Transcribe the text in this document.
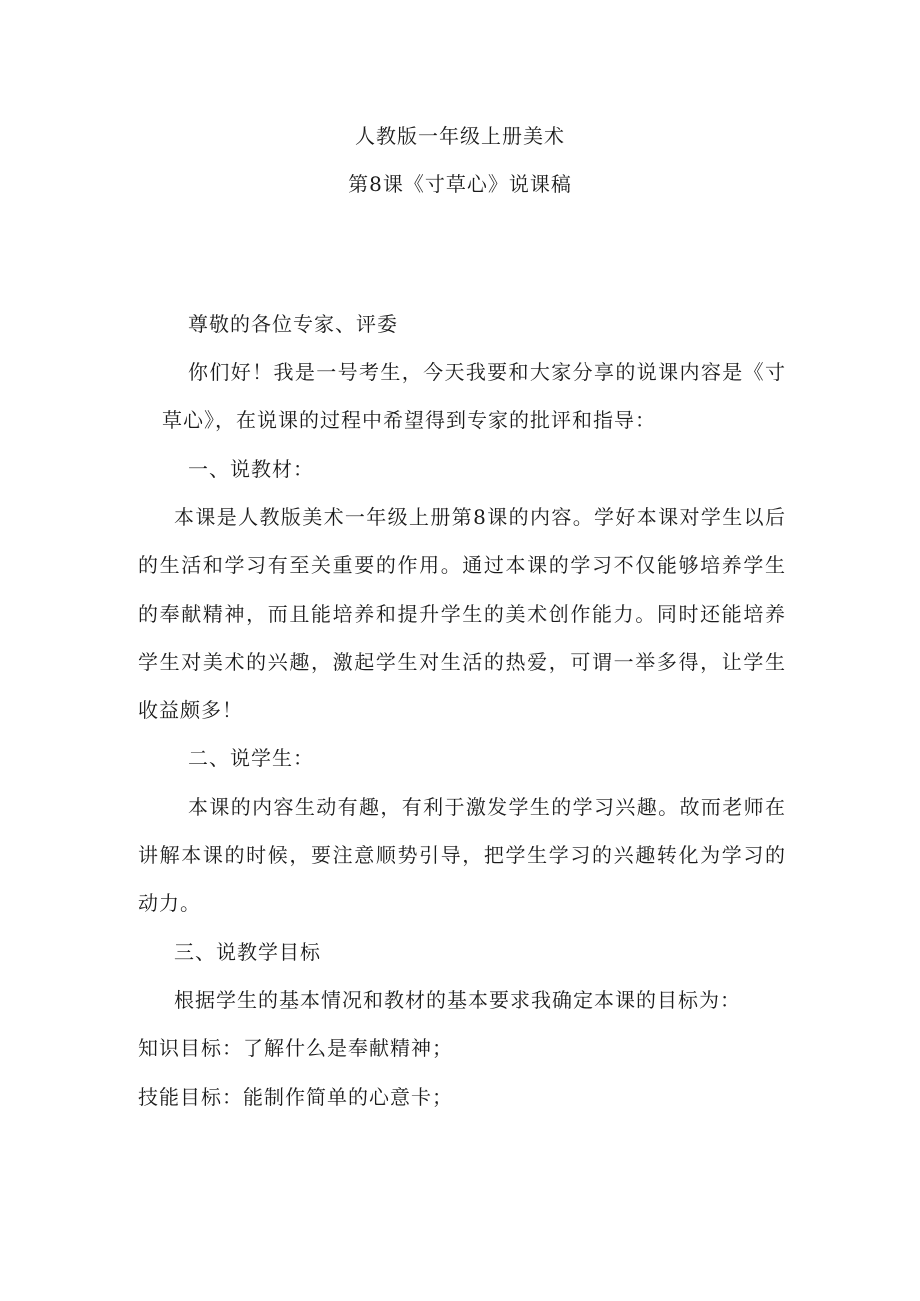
人教版一年级上册美术
第8课《寸草心》说课稿
尊敬的各位专家、评委
你们好！我是一号考生，今天我要和大家分享的说课内容是《寸
草心》，在说课的过程中希望得到专家的批评和指导：
一、说教材：
本课是人教版美术一年级上册第8课的内容。学好本课对学生以后
的生活和学习有至关重要的作用。通过本课的学习不仅能够培养学生
的奉献精神，而且能培养和提升学生的美术创作能力。同时还能培养
学生对美术的兴趣，激起学生对生活的热爱，可谓一举多得，让学生
收益颇多！
二、说学生：
本课的内容生动有趣，有利于激发学生的学习兴趣。故而老师在
讲解本课的时候，要注意顺势引导，把学生学习的兴趣转化为学习的
动力。
三、说教学目标
根据学生的基本情况和教材的基本要求我确定本课的目标为：
知识目标：了解什么是奉献精神；
技能目标：能制作简单的心意卡；
